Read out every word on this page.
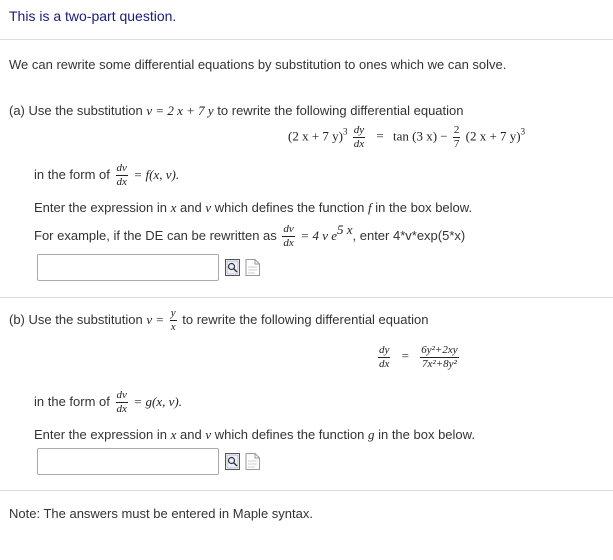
This is a two-part question.
We can rewrite some differential equations by substitution to ones which we can solve.
(a) Use the substitution v = 2 x + 7 y to rewrite the following differential equation
(2 x + 7 $y)^3 \frac{dy}{dx} = \tan (3$ $x) - \frac{2}{7} (2$ x + 7 y)$^3$
in the form of $\frac{dv}{dx} = f(x$, v).
Enter the expression in x and v which defines the function f in the box below.
For example, if the DE can be rewritten as $\frac{dv}{dx} = 4$ v $e^{5 x}$, enter 4*v*exp(5*x)
(b) Use the substitution $v = \frac{y}{x}$ to rewrite the following differential equation
$\frac{dy}{dx} = \frac{\text{6y²+2xy}}{\text{7x²+8y²}}$
in the form of $\frac{dv}{dx} = g(x$, v).
Enter the expression in x and v which defines the function g in the box below.
Note: The answers must be entered in Maple syntax.
